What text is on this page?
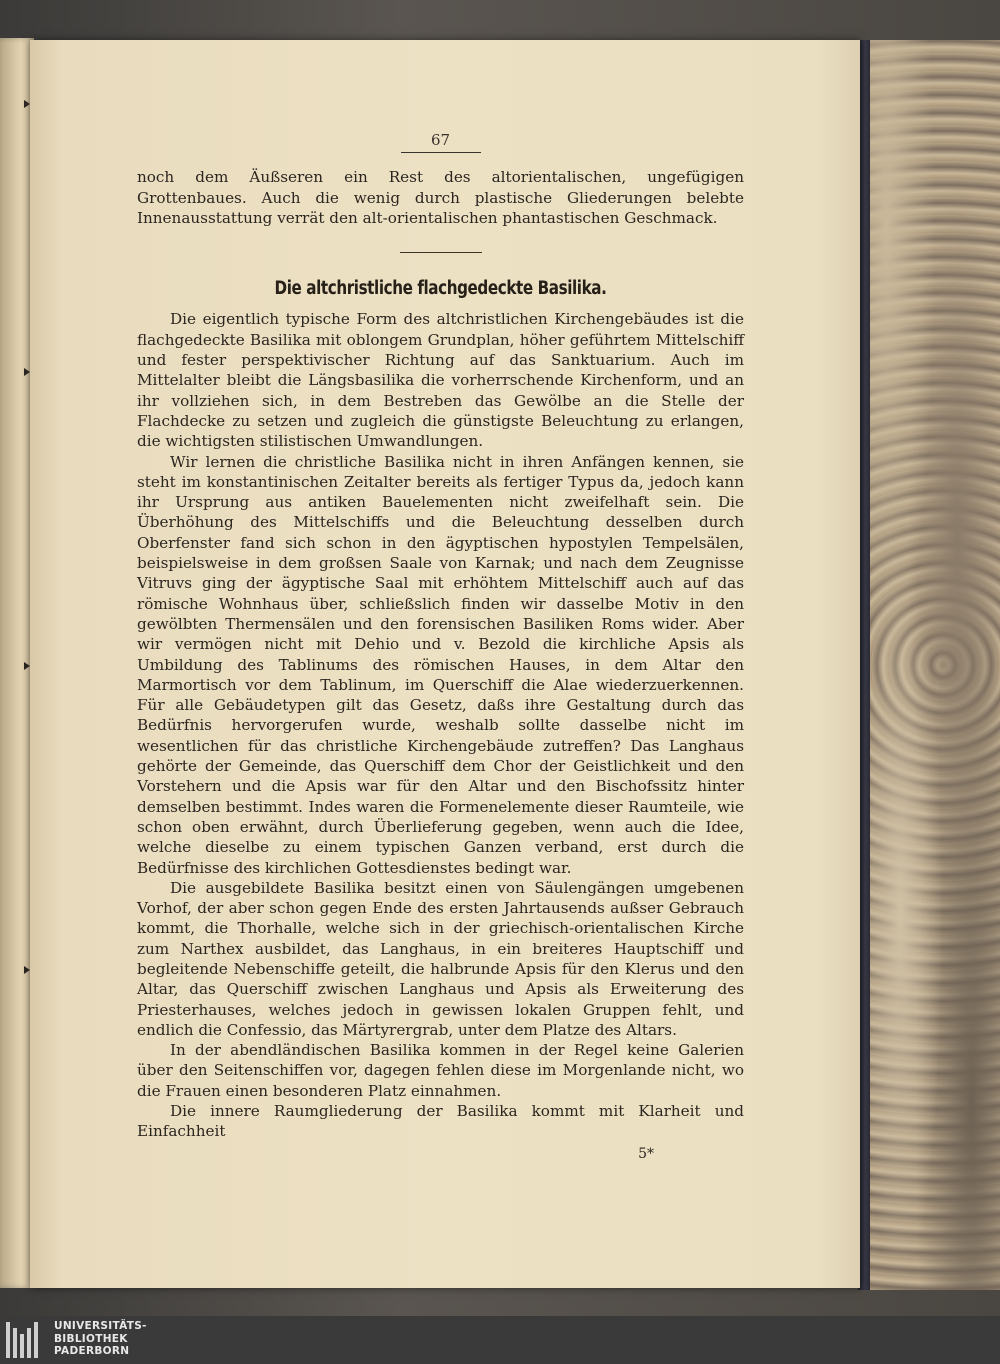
67

noch dem Äußseren ein Rest des altorientalischen, ungefügigen Grottenbaues. Auch die wenig durch plastische Gliederungen belebte Innenausstattung verrät den alt-orientalischen phantastischen Geschmack.

Die altchristliche flachgedeckte Basilika.

Die eigentlich typische Form des altchristlichen Kirchengebäudes ist die flachgedeckte Basilika mit oblongem Grundplan, höher geführtem Mittelschiff und fester perspektivischer Richtung auf das Sanktuarium. Auch im Mittelalter bleibt die Längsbasilika die vorherrschende Kirchenform, und an ihr vollziehen sich, in dem Bestreben das Gewölbe an die Stelle der Flachdecke zu setzen und zugleich die günstigste Beleuchtung zu erlangen, die wichtigsten stilistischen Umwandlungen.

Wir lernen die christliche Basilika nicht in ihren Anfängen kennen, sie steht im konstantinischen Zeitalter bereits als fertiger Typus da, jedoch kann ihr Ursprung aus antiken Bauelementen nicht zweifelhaft sein. Die Überhöhung des Mittelschiffs und die Beleuchtung desselben durch Oberfenster fand sich schon in den ägyptischen hypostylen Tempelsälen, beispielsweise in dem großsen Saale von Karnak; und nach dem Zeugnisse Vitruvs ging der ägyptische Saal mit erhöhtem Mittelschiff auch auf das römische Wohnhaus über, schließslich finden wir dasselbe Motiv in den gewölbten Thermensälen und den forensischen Basiliken Roms wider. Aber wir vermögen nicht mit Dehio und v. Bezold die kirchliche Apsis als Umbildung des Tablinums des römischen Hauses, in dem Altar den Marmortisch vor dem Tablinum, im Querschiff die Alae wiederzuerkennen. Für alle Gebäudetypen gilt das Gesetz, daßs ihre Gestaltung durch das Bedürfnis hervorgerufen wurde, weshalb sollte dasselbe nicht im wesentlichen für das christliche Kirchengebäude zutreffen? Das Langhaus gehörte der Gemeinde, das Querschiff dem Chor der Geistlichkeit und den Vorstehern und die Apsis war für den Altar und den Bischofssitz hinter demselben bestimmt. Indes waren die Formenelemente dieser Raumteile, wie schon oben erwähnt, durch Überlieferung gegeben, wenn auch die Idee, welche dieselbe zu einem typischen Ganzen verband, erst durch die Bedürfnisse des kirchlichen Gottesdienstes bedingt war.

Die ausgebildete Basilika besitzt einen von Säulengängen umgebenen Vorhof, der aber schon gegen Ende des ersten Jahrtausends außser Gebrauch kommt, die Thorhalle, welche sich in der griechisch-orientalischen Kirche zum Narthex ausbildet, das Langhaus, in ein breiteres Hauptschiff und begleitende Nebenschiffe geteilt, die halbrunde Apsis für den Klerus und den Altar, das Querschiff zwischen Langhaus und Apsis als Erweiterung des Priesterhauses, welches jedoch in gewissen lokalen Gruppen fehlt, und endlich die Confessio, das Märtyrergrab, unter dem Platze des Altars.

In der abendländischen Basilika kommen in der Regel keine Galerien über den Seitenschiffen vor, dagegen fehlen diese im Morgenlande nicht, wo die Frauen einen besonderen Platz einnahmen.

Die innere Raumgliederung der Basilika kommt mit Klarheit und Einfachheit

5*
UNIVERSITÄTS-
BIBLIOTHEK
PADERBORN
